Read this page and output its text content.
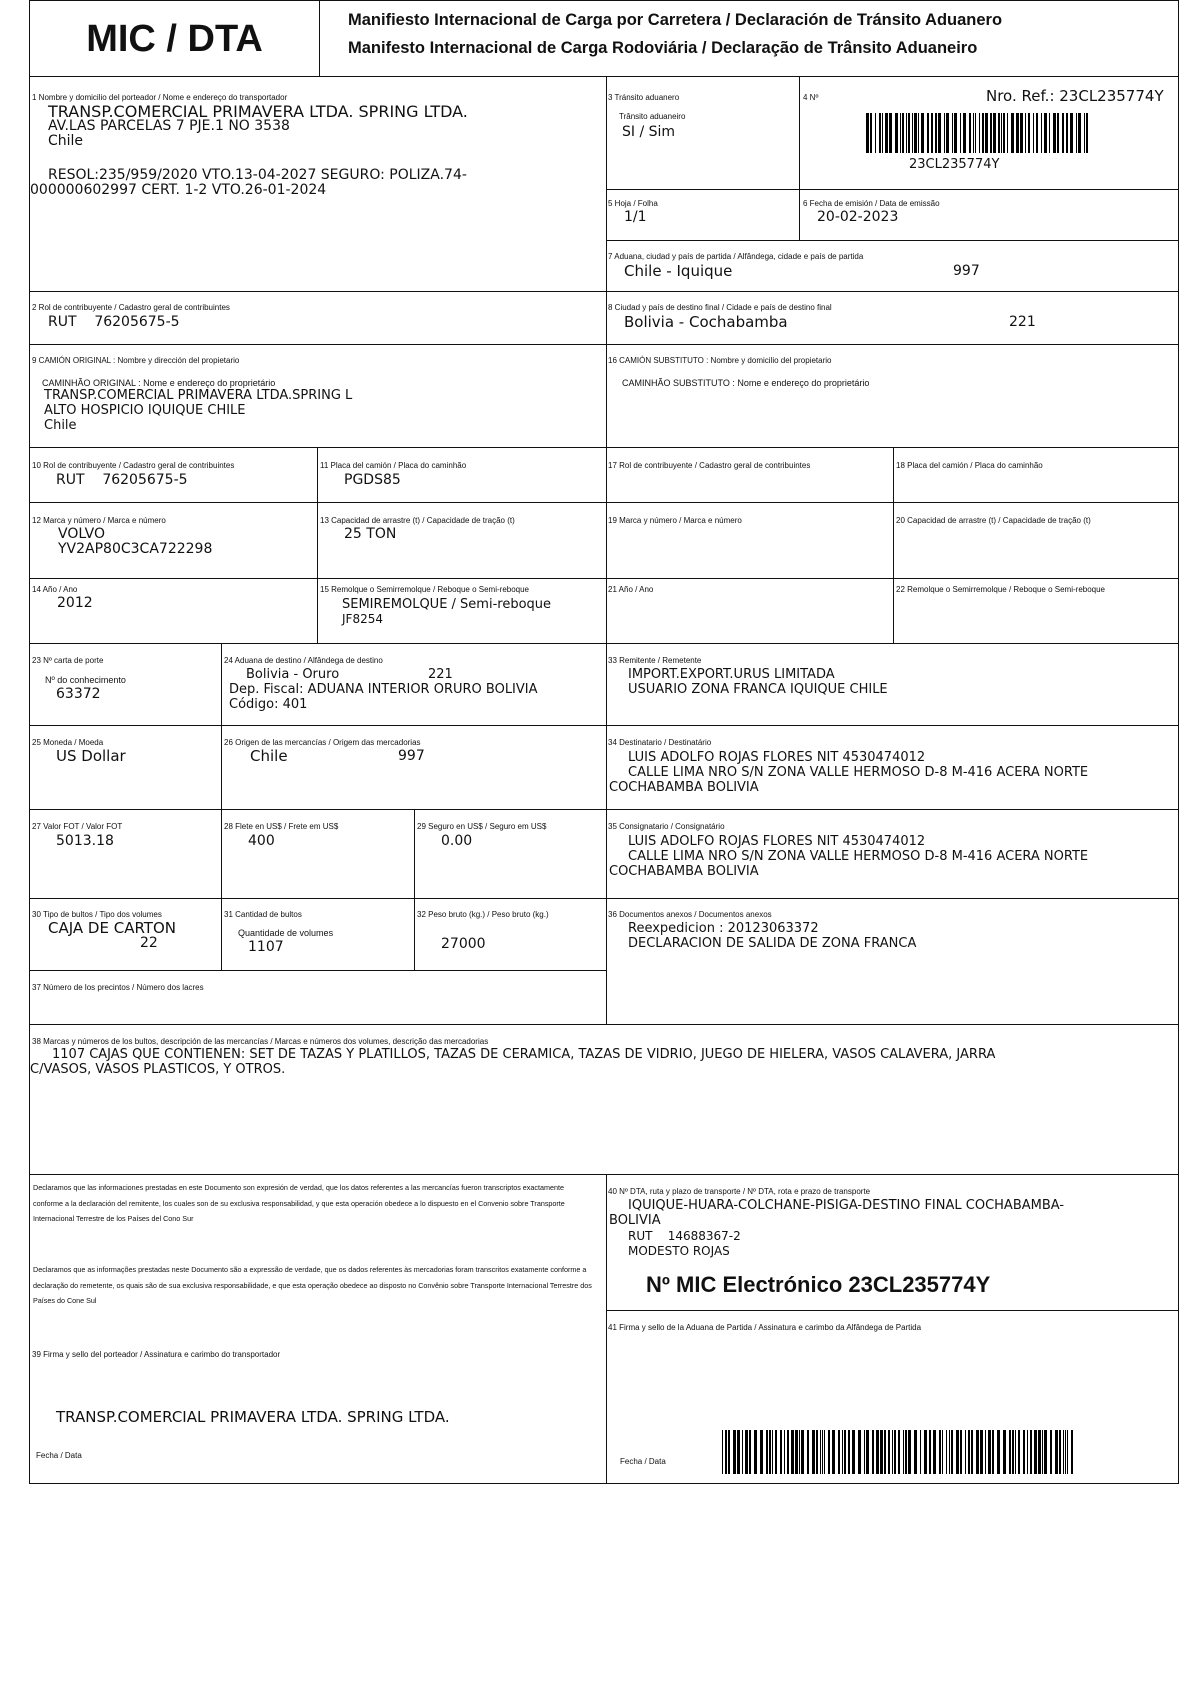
MIC / DTA	Manifiesto Internacional de Carga por Carretera / Declaración de Tránsito Aduanero
Manifesto Internacional de Carga Rodoviária / Declaração de Trânsito Aduaneiro
1 Nombre y domicilio del porteador / Nome e endereço do transportador
TRANSP.COMERCIAL PRIMAVERA LTDA. SPRING LTDA.
AV.LAS PARCELAS 7 PJE.1 NO 3538
Chile
RESOL:235/959/2020 VTO.13-04-2027 SEGURO: POLIZA.74-
000000602997 CERT. 1-2 VTO.26-01-2024
3 Tránsito aduanero
Trânsito aduaneiro
SI / Sim
4 Nº	Nro. Ref.: 23CL235774Y
23CL235774Y
5 Hoja / Folha
1/1
6 Fecha de emisión / Data de emissão
20-02-2023
7 Aduana, ciudad y país de partida / Alfândega, cidade e país de partida
Chile - Iquique	997
2 Rol de contribuyente / Cadastro geral de contribuintes
RUT    76205675-5
8 Ciudad y país de destino final / Cidade e país de destino final
Bolivia - Cochabamba	221
9 CAMIÓN ORIGINAL : Nombre y dirección del propietario
CAMINHÃO ORIGINAL : Nome e endereço do proprietário
TRANSP.COMERCIAL PRIMAVERA LTDA.SPRING L
ALTO HOSPICIO IQUIQUE CHILE
Chile
16 CAMIÓN SUBSTITUTO : Nombre y domicilio del propietario
CAMINHÃO SUBSTITUTO : Nome e endereço do proprietário
10 Rol de contribuyente / Cadastro geral de contribuintes
RUT    76205675-5
11 Placa del camión / Placa do caminhão
PGDS85
17 Rol de contribuyente / Cadastro geral de contribuintes	18 Placa del camión / Placa do caminhão
12 Marca y número / Marca e número
VOLVO
YV2AP80C3CA722298
13 Capacidad de arrastre (t) / Capacidade de tração (t)
25 TON
19 Marca y número / Marca e número	20 Capacidad de arrastre (t) / Capacidade de tração (t)
14 Año / Ano
2012
15 Remolque o Semirremolque / Reboque o Semi-reboque
SEMIREMOLQUE / Semi-reboque
JF8254
21 Año / Ano	22 Remolque o Semirremolque / Reboque o Semi-reboque
23 Nº carta de porte
Nº do conhecimento
63372
24 Aduana de destino / Alfândega de destino
Bolivia - Oruro	221
Dep. Fiscal: ADUANA INTERIOR ORURO BOLIVIA
Código: 401
33 Remitente / Remetente
IMPORT.EXPORT.URUS LIMITADA
USUARIO ZONA FRANCA IQUIQUE CHILE
25 Moneda / Moeda
US Dollar
26 Origen de las mercancías / Origem das mercadorias
Chile	997
34 Destinatario / Destinatário
LUIS ADOLFO ROJAS FLORES NIT 4530474012
CALLE LIMA NRO S/N ZONA VALLE HERMOSO D-8 M-416 ACERA NORTE
COCHABAMBA BOLIVIA
27 Valor FOT / Valor FOT
5013.18
28 Flete en US$ / Frete em US$
400
29 Seguro en US$ / Seguro em US$
0.00
35 Consignatario / Consignatário
LUIS ADOLFO ROJAS FLORES NIT 4530474012
CALLE LIMA NRO S/N ZONA VALLE HERMOSO D-8 M-416 ACERA NORTE
COCHABAMBA BOLIVIA
30 Tipo de bultos / Tipo dos volumes
CAJA DE CARTON
22
31 Cantidad de bultos
Quantidade de volumes
1107
32 Peso bruto (kg.) / Peso bruto (kg.)
27000
36 Documentos anexos / Documentos anexos
Reexpedicion : 20123063372
DECLARACION DE SALIDA DE ZONA FRANCA
37 Número de los precintos / Número dos lacres
38 Marcas y números de los bultos, descripción de las mercancías / Marcas e números dos volumes, descrição das mercadorias
1107 CAJAS QUE CONTIENEN: SET DE TAZAS Y PLATILLOS, TAZAS DE CERAMICA, TAZAS DE VIDRIO, JUEGO DE HIELERA, VASOS CALAVERA, JARRA
C/VASOS, VASOS PLASTICOS, Y OTROS.
Declaramos que las informaciones prestadas en este Documento son expresión de verdad, que los datos referentes a las mercancías fueron transcriptos exactamente conforme a la declaración del remitente, los cuales son de su exclusiva responsabilidad, y que esta operación obedece a lo dispuesto en el Convenio sobre Transporte Internacional Terrestre de los Países del Cono Sur
Declaramos que as informações prestadas neste Documento são a expressão de verdade, que os dados referentes às mercadorias foram transcritos exatamente conforme a declaração do remetente, os quais são de sua exclusiva responsabilidade, e que esta operação obedece ao disposto no Convênio sobre Transporte Internacional Terrestre dos Países do Cone Sul
39 Firma y sello del porteador / Assinatura e carimbo do transportador
TRANSP.COMERCIAL PRIMAVERA LTDA. SPRING LTDA.
Fecha / Data
40 Nº DTA, ruta y plazo de transporte / Nº DTA, rota e prazo de transporte
IQUIQUE-HUARA-COLCHANE-PISIGA-DESTINO FINAL COCHABAMBA-
BOLIVIA
RUT    14688367-2
MODESTO ROJAS
Nº MIC Electrónico 23CL235774Y
41 Firma y sello de la Aduana de Partida / Assinatura e carimbo da Alfândega de Partida
Fecha / Data
